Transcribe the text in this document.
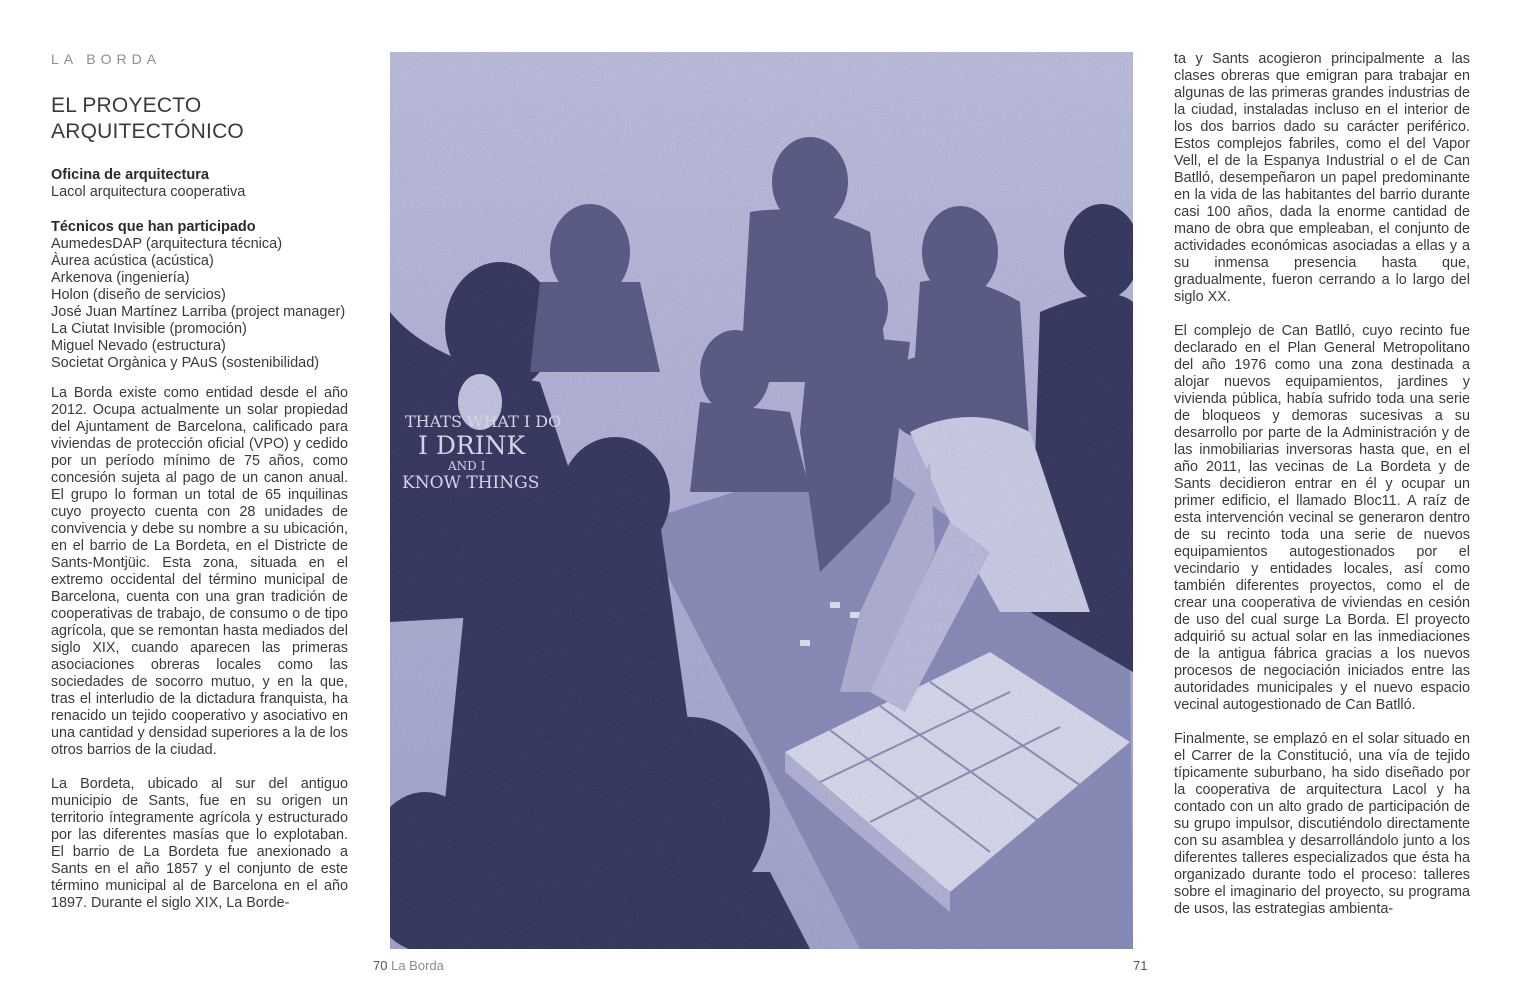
LA BORDA

EL PROYECTO
ARQUITECTÓNICO
Oficina de arquitectura
Lacol arquitectura cooperativa
Técnicos que han participado
AumedesDAP (arquitectura técnica)
Àurea acústica (acústica)
Arkenova (ingeniería)
Holon (diseño de servicios)
José Juan Martínez Larriba (project manager)
La Ciutat Invisible (promoción)
Miguel Nevado (estructura)
Societat Orgànica y PAuS (sostenibilidad)

La Borda existe como entidad desde el año 2012. Ocupa actualmente un solar propiedad del Ajuntament de Barcelona, calificado para viviendas de protección oficial (VPO) y cedido por un período mínimo de 75 años, como concesión sujeta al pago de un canon anual. El grupo lo forman un total de 65 inquilinas cuyo proyecto cuenta con 28 unidades de convivencia y debe su nombre a su ubicación, en el barrio de La Bordeta, en el Districte de Sants-Montjüic. Esta zona, situada en el extremo occidental del término municipal de Barcelona, cuenta con una gran tradición de cooperativas de trabajo, de consumo o de tipo agrícola, que se remontan hasta mediados del siglo XIX, cuando aparecen las primeras asociaciones obreras locales como las sociedades de socorro mutuo, y en la que, tras el interludio de la dictadura franquista, ha renacido un tejido cooperativo y asociativo en una cantidad y densidad superiores a la de los otros barrios de la ciudad.

La Bordeta, ubicado al sur del antiguo municipio de Sants, fue en su origen un territorio íntegramente agrícola y estructurado por las diferentes masías que lo explotaban. El barrio de La Bordeta fue anexionado a Sants en el año 1857 y el conjunto de este término municipal al de Barcelona en el año 1897. Durante el siglo XIX, La Borde-

ta y Sants acogieron principalmente a las clases obreras que emigran para trabajar en algunas de las primeras grandes industrias de la ciudad, instaladas incluso en el interior de los dos barrios dado su carácter periférico. Estos complejos fabriles, como el del Vapor Vell, el de la Espanya Industrial o el de Can Batlló, desempeñaron un papel predominante en la vida de las habitantes del barrio durante casi 100 años, dada la enorme cantidad de mano de obra que empleaban, el conjunto de actividades económicas asociadas a ellas y a su inmensa presencia hasta que, gradualmente, fueron cerrando a lo largo del siglo XX.

El complejo de Can Batlló, cuyo recinto fue declarado en el Plan General Metropolitano del año 1976 como una zona destinada a alojar nuevos equipamientos, jardines y vivienda pública, había sufrido toda una serie de bloqueos y demoras sucesivas a su desarrollo por parte de la Administración y de las inmobiliarias inversoras hasta que, en el año 2011, las vecinas de La Bordeta y de Sants decidieron entrar en él y ocupar un primer edificio, el llamado Bloc11. A raíz de esta intervención vecinal se generaron dentro de su recinto toda una serie de nuevos equipamientos autogestionados por el vecindario y entidades locales, así como también diferentes proyectos, como el de crear una cooperativa de viviendas en cesión de uso del cual surge La Borda. El proyecto adquirió su actual solar en las inmediaciones de la antigua fábrica gracias a los nuevos procesos de negociación iniciados entre las autoridades municipales y el nuevo espacio vecinal autogestionado de Can Batlló.

Finalmente, se emplazó en el solar situado en el Carrer de la Constitució, una vía de tejido típicamente suburbano, ha sido diseñado por la cooperativa de arquitectura Lacol y ha contado con un alto grado de participación de su grupo impulsor, discutiéndolo directamente con su asamblea y desarrollándolo junto a los diferentes talleres especializados que ésta ha organizado durante todo el proceso: talleres sobre el imaginario del proyecto, su programa de usos, las estrategias ambienta-

70 La Borda	71
